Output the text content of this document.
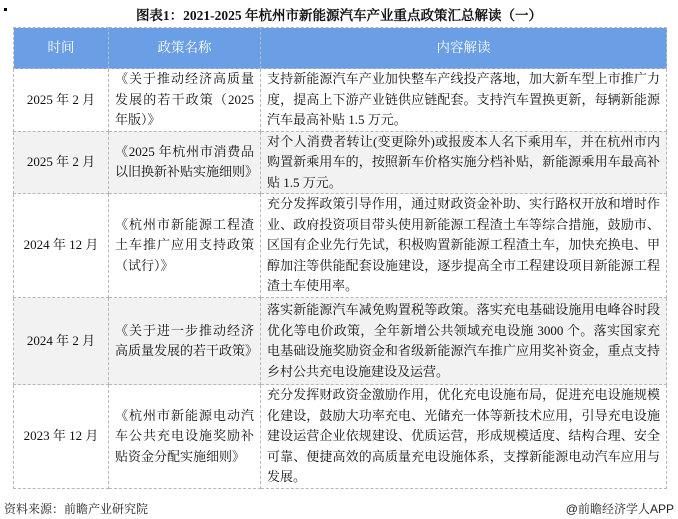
图表1：2021-2025 年杭州市新能源汽车产业重点政策汇总解读（一）
时间	政策名称	内容解读
2025 年 2 月	《关于推动经济高质量发展的若干政策（2025 年版）》	支持新能源汽车产业加快整车产线投产落地，加大新车型上市推广力度，提高上下游产业链供应链配套。支持汽车置换更新，每辆新能源汽车最高补贴 1.5 万元。
2025 年 2 月	《2025 年杭州市消费品以旧换新补贴实施细则》	对个人消费者转让(变更除外)或报废本人名下乘用车，并在杭州市内购置新乘用车的，按照新车价格实施分档补贴，新能源乘用车最高补贴 1.5 万元。
2024 年 12 月	《杭州市新能源工程渣土车推广应用支持政策（试行）》	充分发挥政策引导作用，通过财政资金补助、实行路权开放和增时作业、政府投资项目带头使用新能源工程渣土车等综合措施，鼓励市、区国有企业先行先试，积极购置新能源工程渣土车，加快充换电、甲醇加注等供能配套设施建设，逐步提高全市工程建设项目新能源工程渣土车使用率。
2024 年 2 月	《关于进一步推动经济高质量发展的若干政策》	落实新能源汽车减免购置税等政策。落实充电基础设施用电峰谷时段优化等电价政策，全年新增公共领域充电设施 3000 个。落实国家充电基础设施奖励资金和省级新能源汽车推广应用奖补资金，重点支持乡村公共充电设施建设及运营。
2023 年 12 月	《杭州市新能源电动汽车公共充电设施奖励补贴资金分配实施细则》	充分发挥财政资金激励作用，优化充电设施布局，促进充电设施规模化建设，鼓励大功率充电、光储充一体等新技术应用，引导充电设施建设运营企业依规建设、优质运营，形成规模适度、结构合理、安全可靠、便捷高效的高质量充电设施体系，支撑新能源电动汽车应用与发展。
资料来源：前瞻产业研究院	@前瞻经济学人APP
